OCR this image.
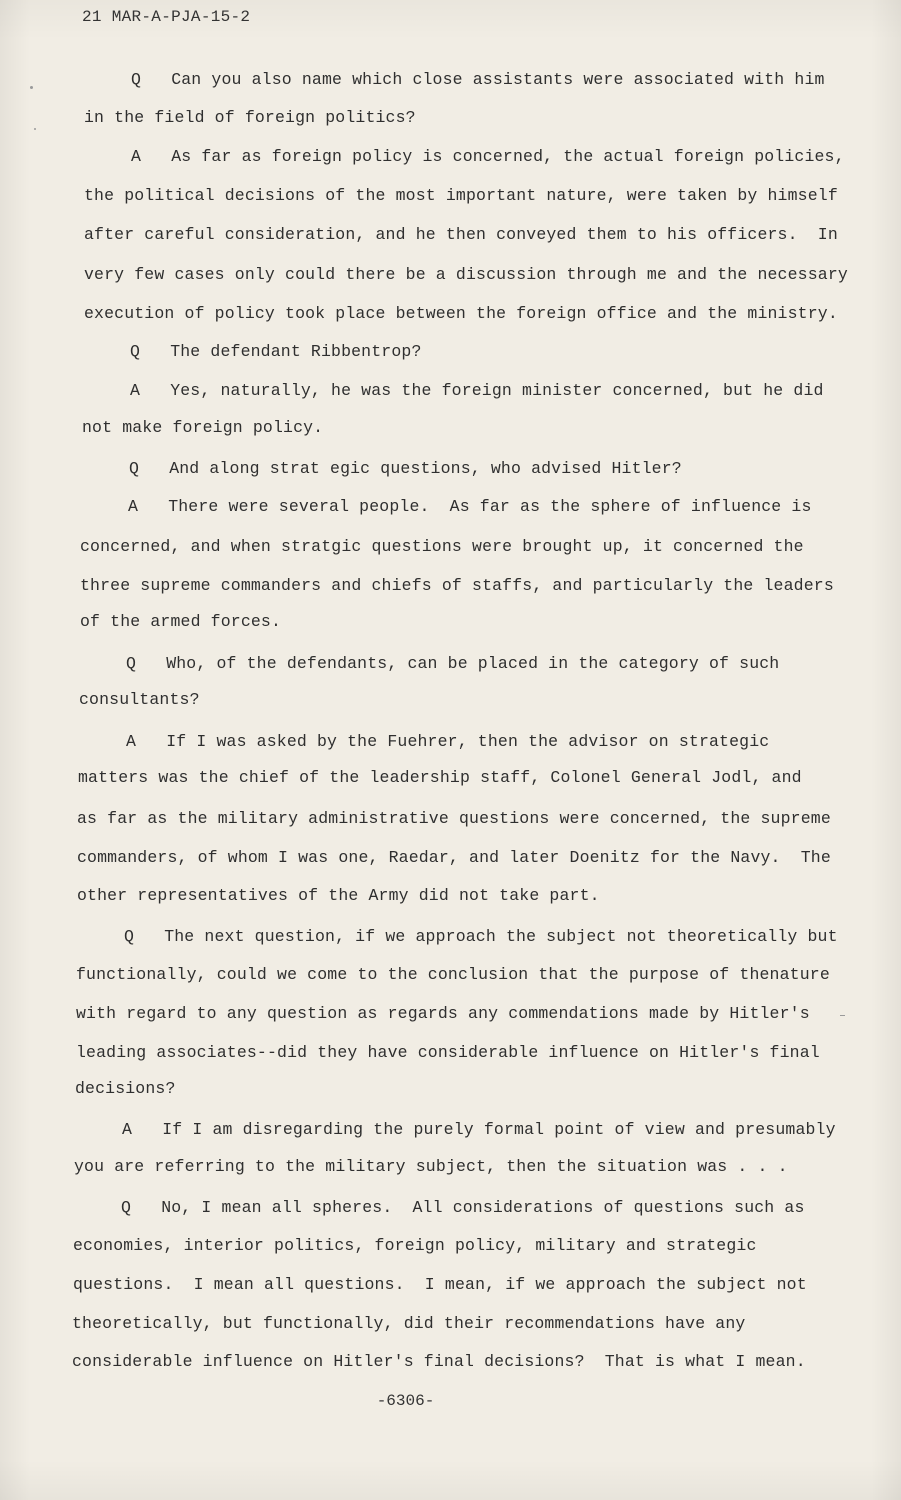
21 MAR-A-PJA-15-2
Q   Can you also name which close assistants were associated with him
in the field of foreign politics?
A   As far as foreign policy is concerned, the actual foreign policies,
the political decisions of the most important nature, were taken by himself
after careful consideration, and he then conveyed them to his officers.  In
very few cases only could there be a discussion through me and the necessary
execution of policy took place between the foreign office and the ministry.
Q   The defendant Ribbentrop?
A   Yes, naturally, he was the foreign minister concerned, but he did
not make foreign policy.
Q   And along strat egic questions, who advised Hitler?
A   There were several people.  As far as the sphere of influence is
concerned, and when stratgic questions were brought up, it concerned the
three supreme commanders and chiefs of staffs, and particularly the leaders
of the armed forces.
Q   Who, of the defendants, can be placed in the category of such
consultants?
A   If I was asked by the Fuehrer, then the advisor on strategic
matters was the chief of the leadership staff, Colonel General Jodl, and
as far as the military administrative questions were concerned, the supreme
commanders, of whom I was one, Raedar, and later Doenitz for the Navy.  The
other representatives of the Army did not take part.
Q   The next question, if we approach the subject not theoretically but
functionally, could we come to the conclusion that the purpose of thenature
with regard to any question as regards any commendations made by Hitler's
leading associates--did they have considerable influence on Hitler's final
decisions?
A   If I am disregarding the purely formal point of view and presumably
you are referring to the military subject, then the situation was . . .
Q   No, I mean all spheres.  All considerations of questions such as
economies, interior politics, foreign policy, military and strategic
questions.  I mean all questions.  I mean, if we approach the subject not
theoretically, but functionally, did their recommendations have any
considerable influence on Hitler's final decisions?  That is what I mean.
-6306-
